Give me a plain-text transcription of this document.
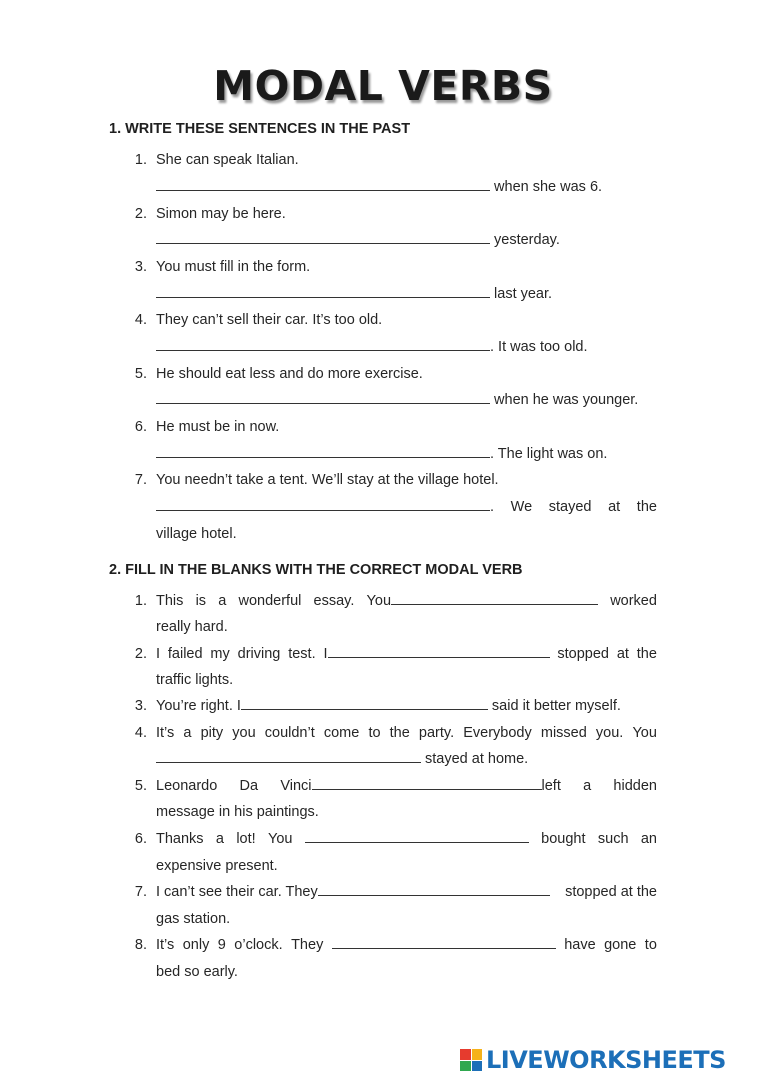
MODAL VERBS
1. WRITE THESE SENTENCES IN THE PAST
1. She can speak Italian.
when she was 6.
2. Simon may be here.
yesterday.
3. You must fill in the form.
last year.
4. They can’t sell their car. It’s too old.
. It was too old.
5. He should eat less and do more exercise.
when he was younger.
6. He must be in now.
. The light was on.
7. You needn’t take a tent. We’ll stay at the village hotel.
. We stayed at the
village hotel.
2. FILL IN THE BLANKS WITH THE CORRECT MODAL VERB
1. This is a wonderful essay. You	worked
really hard.
2. I failed my driving test. I	stopped at the
traffic lights.
3. You’re right. I	said it better myself.
4. It’s a pity you couldn’t come to the party. Everybody missed you. You
stayed at home.
5. Leonardo Da Vinci	left a hidden
message in his paintings.
6. Thanks a lot! You	bought such an
expensive present.
7. I can’t see their car. They	stopped at the
gas station.
8. It’s only 9 o’clock. They	have gone to
bed so early.
LIVEWORKSHEETS
